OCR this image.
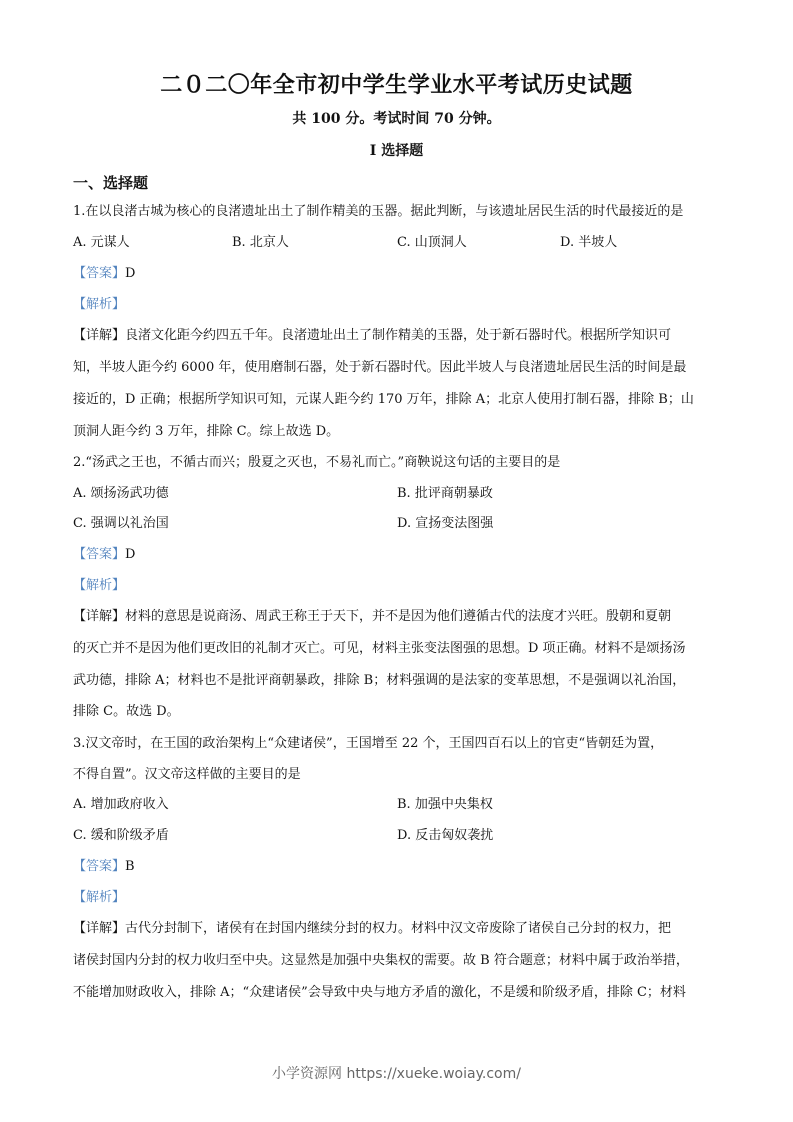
二０二〇年全市初中学生学业水平考试历史试题
共 100 分。考试时间 70 分钟。
I 选择题
一、选择题
1.在以良渚古城为核心的良渚遗址出土了制作精美的玉器。据此判断，与该遗址居民生活的时代最接近的是
A. 元谋人	B. 北京人	C. 山顶洞人	D. 半坡人
【答案】D
【解析】
【详解】良渚文化距今约四五千年。良渚遗址出土了制作精美的玉器，处于新石器时代。根据所学知识可
知，半坡人距今约 6000 年，使用磨制石器，处于新石器时代。因此半坡人与良渚遗址居民生活的时间是最
接近的，D 正确；根据所学知识可知，元谋人距今约 170 万年，排除 A；北京人使用打制石器，排除 B；山
顶洞人距今约 3 万年，排除 C。综上故选 D。
2.“汤武之王也，不循古而兴；殷夏之灭也，不易礼而亡。”商鞅说这句话的主要目的是
A. 颂扬汤武功德	B. 批评商朝暴政
C. 强调以礼治国	D. 宣扬变法图强
【答案】D
【解析】
【详解】材料的意思是说商汤、周武王称王于天下，并不是因为他们遵循古代的法度才兴旺。殷朝和夏朝
的灭亡并不是因为他们更改旧的礼制才灭亡。可见，材料主张变法图强的思想。D 项正确。材料不是颂扬汤
武功德，排除 A；材料也不是批评商朝暴政，排除 B；材料强调的是法家的变革思想，不是强调以礼治国，
排除 C。故选 D。
3.汉文帝时，在王国的政治架构上“众建诸侯”，王国增至 22 个，王国四百石以上的官吏“皆朝廷为置，
不得自置”。汉文帝这样做的主要目的是
A. 增加政府收入	B. 加强中央集权
C. 缓和阶级矛盾	D. 反击匈奴袭扰
【答案】B
【解析】
【详解】古代分封制下，诸侯有在封国内继续分封的权力。材料中汉文帝废除了诸侯自己分封的权力，把
诸侯封国内分封的权力收归至中央。这显然是加强中央集权的需要。故 B 符合题意；材料中属于政治举措，
不能增加财政收入，排除 A；“众建诸侯”会导致中央与地方矛盾的激化，不是缓和阶级矛盾，排除 C；材料
小学资源网 https://xueke.woiay.com/
